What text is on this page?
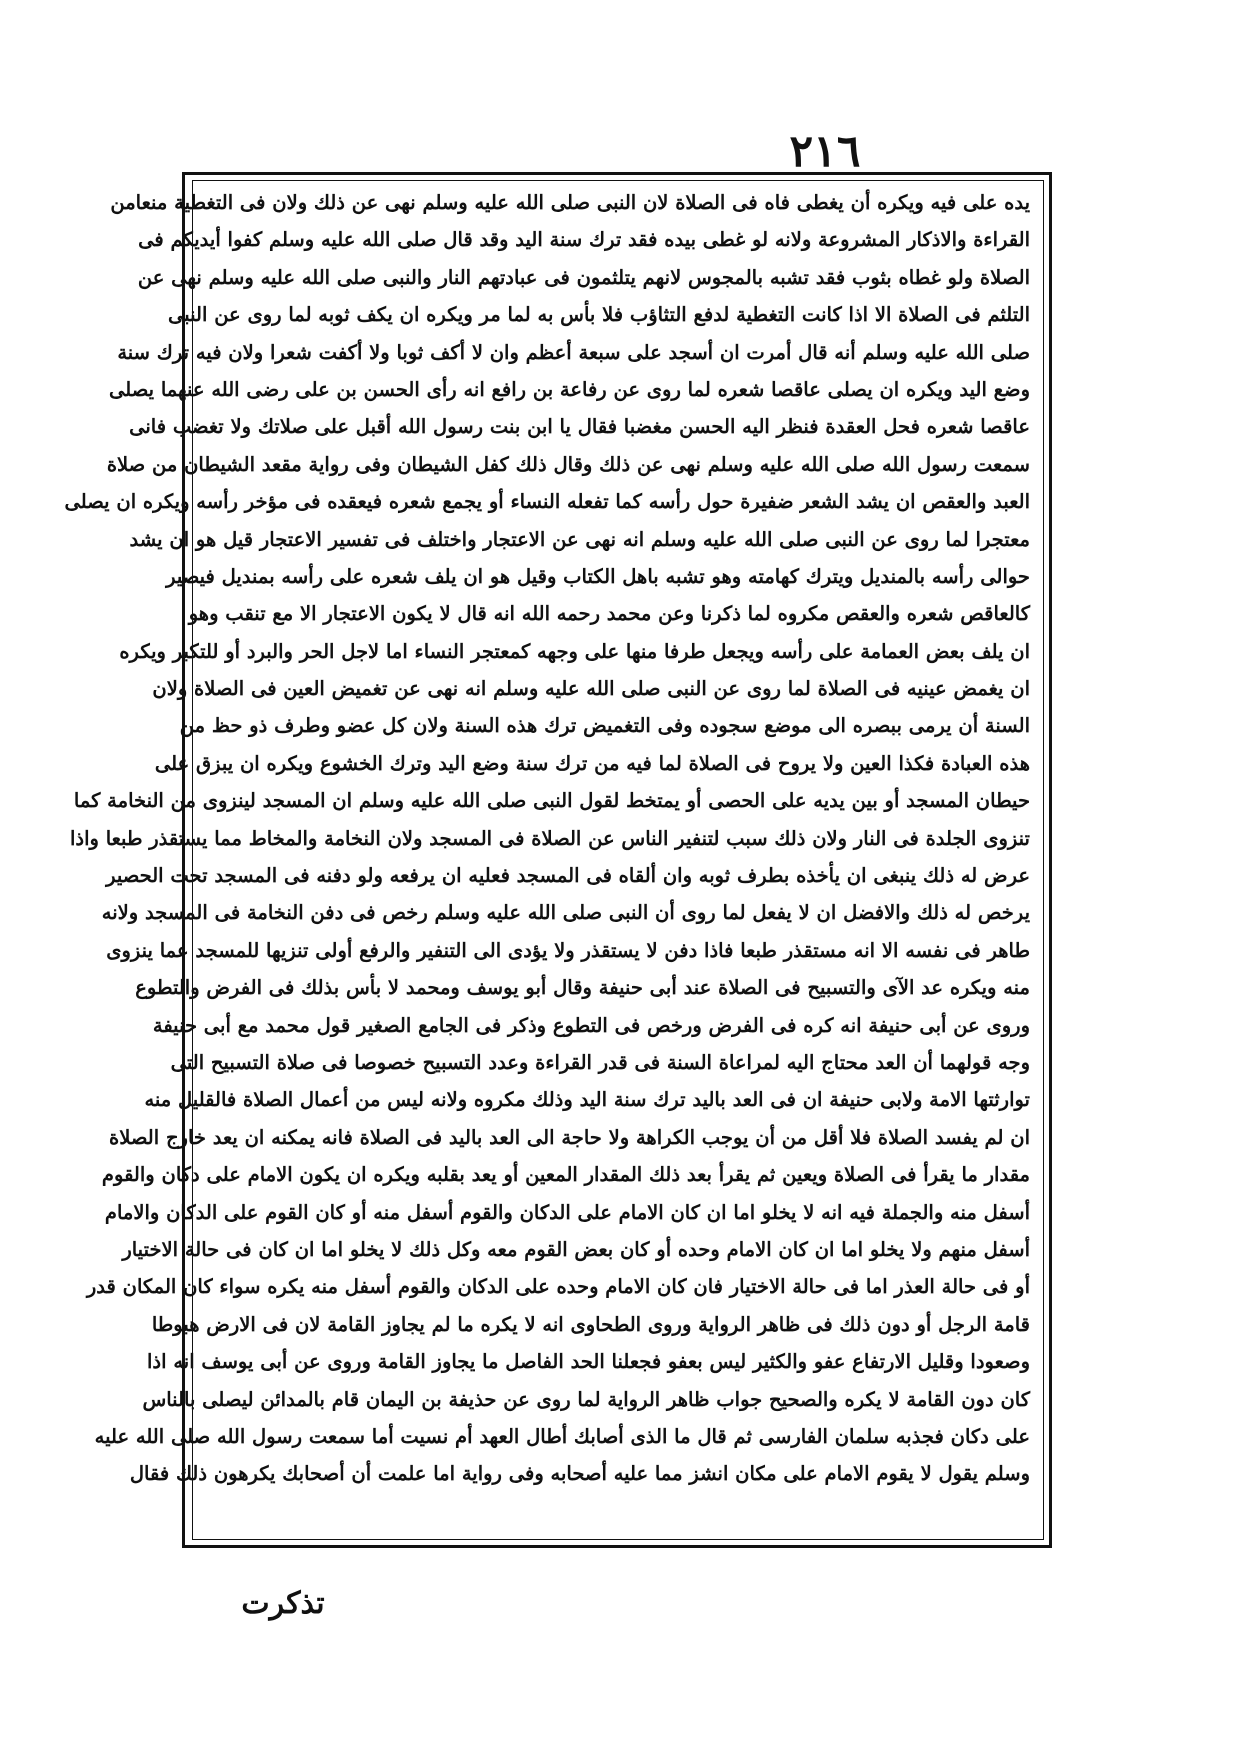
٢١٦

يده على فيه ويكره أن يغطى فاه فى الصلاة لان النبى صلى الله عليه وسلم نهى عن ذلك ولان فى التغطية منعامن

القراءة والاذكار المشروعة ولانه لو غطى بيده فقد ترك سنة اليد وقد قال صلى الله عليه وسلم كفوا أيديكم فى

الصلاة ولو غطاه بثوب فقد تشبه بالمجوس لانهم يتلثمون فى عبادتهم النار والنبى صلى الله عليه وسلم نهى عن

التلثم فى الصلاة الا اذا كانت التغطية لدفع التثاؤب فلا بأس به لما مر ويكره ان يكف ثوبه لما روى عن النبى

صلى الله عليه وسلم أنه قال أمرت ان أسجد على سبعة أعظم وان لا أكف ثوبا ولا أكفت شعرا ولان فيه ترك سنة

وضع اليد ويكره ان يصلى عاقصا شعره لما روى عن رفاعة بن رافع انه رأى الحسن بن على رضى الله عنهما يصلى

عاقصا شعره فحل العقدة فنظر اليه الحسن مغضبا فقال يا ابن بنت رسول الله أقبل على صلاتك ولا تغضب فانى

سمعت رسول الله صلى الله عليه وسلم نهى عن ذلك وقال ذلك كفل الشيطان وفى رواية مقعد الشيطان من صلاة

العبد والعقص ان يشد الشعر ضفيرة حول رأسه كما تفعله النساء أو يجمع شعره فيعقده فى مؤخر رأسه ويكره ان يصلى

معتجرا لما روى عن النبى صلى الله عليه وسلم انه نهى عن الاعتجار واختلف فى تفسير الاعتجار قيل هو ان يشد

حوالى رأسه بالمنديل ويترك كهامته وهو تشبه باهل الكتاب وقيل هو ان يلف شعره على رأسه بمنديل فيصير

كالعاقص شعره والعقص مكروه لما ذكرنا وعن محمد رحمه الله انه قال لا يكون الاعتجار الا مع تنقب وهو

ان يلف بعض العمامة على رأسه ويجعل طرفا منها على وجهه كمعتجر النساء اما لاجل الحر والبرد أو للتكبر ويكره

ان يغمض عينيه فى الصلاة لما روى عن النبى صلى الله عليه وسلم انه نهى عن تغميض العين فى الصلاة ولان

السنة أن يرمى ببصره الى موضع سجوده وفى التغميض ترك هذه السنة ولان كل عضو وطرف ذو حظ من

هذه العبادة فكذا العين ولا يروح فى الصلاة لما فيه من ترك سنة وضع اليد وترك الخشوع ويكره ان يبزق على

حيطان المسجد أو بين يديه على الحصى أو يمتخط لقول النبى صلى الله عليه وسلم ان المسجد لينزوى من النخامة كما

تنزوى الجلدة فى النار ولان ذلك سبب لتنفير الناس عن الصلاة فى المسجد ولان النخامة والمخاط مما يستقذر طبعا واذا

عرض له ذلك ينبغى ان يأخذه بطرف ثوبه وان ألقاه فى المسجد فعليه ان يرفعه ولو دفنه فى المسجد تحت الحصير

يرخص له ذلك والافضل ان لا يفعل لما روى أن النبى صلى الله عليه وسلم رخص فى دفن النخامة فى المسجد ولانه

طاهر فى نفسه الا انه مستقذر طبعا فاذا دفن لا يستقذر ولا يؤدى الى التنفير والرفع أولى تنزيها للمسجد عما ينزوى

منه ويكره عد الآى والتسبيح فى الصلاة عند أبى حنيفة وقال أبو يوسف ومحمد لا بأس بذلك فى الفرض والتطوع

وروى عن أبى حنيفة انه كره فى الفرض ورخص فى التطوع وذكر فى الجامع الصغير قول محمد مع أبى حنيفة

وجه قولهما أن العد محتاج اليه لمراعاة السنة فى قدر القراءة وعدد التسبيح خصوصا فى صلاة التسبيح التى

توارثتها الامة ولابى حنيفة ان فى العد باليد ترك سنة اليد وذلك مكروه ولانه ليس من أعمال الصلاة فالقليل منه

ان لم يفسد الصلاة فلا أقل من أن يوجب الكراهة ولا حاجة الى العد باليد فى الصلاة فانه يمكنه ان يعد خارج الصلاة

مقدار ما يقرأ فى الصلاة ويعين ثم يقرأ بعد ذلك المقدار المعين أو يعد بقلبه ويكره ان يكون الامام على دكان والقوم

أسفل منه والجملة فيه انه لا يخلو اما ان كان الامام على الدكان والقوم أسفل منه أو كان القوم على الدكان والامام

أسفل منهم ولا يخلو اما ان كان الامام وحده أو كان بعض القوم معه وكل ذلك لا يخلو اما ان كان فى حالة الاختيار

أو فى حالة العذر اما فى حالة الاختيار فان كان الامام وحده على الدكان والقوم أسفل منه يكره سواء كان المكان قدر

قامة الرجل أو دون ذلك فى ظاهر الرواية وروى الطحاوى انه لا يكره ما لم يجاوز القامة لان فى الارض هبوطا

وصعودا وقليل الارتفاع عفو والكثير ليس بعفو فجعلنا الحد الفاصل ما يجاوز القامة وروى عن أبى يوسف انه اذا

كان دون القامة لا يكره والصحيح جواب ظاهر الرواية لما روى عن حذيفة بن اليمان قام بالمدائن ليصلى بالناس

على دكان فجذبه سلمان الفارسى ثم قال ما الذى أصابك أطال العهد أم نسيت أما سمعت رسول الله صلى الله عليه

وسلم يقول لا يقوم الامام على مكان انشز مما عليه أصحابه وفى رواية اما علمت أن أصحابك يكرهون ذلك فقال

تذكرت
